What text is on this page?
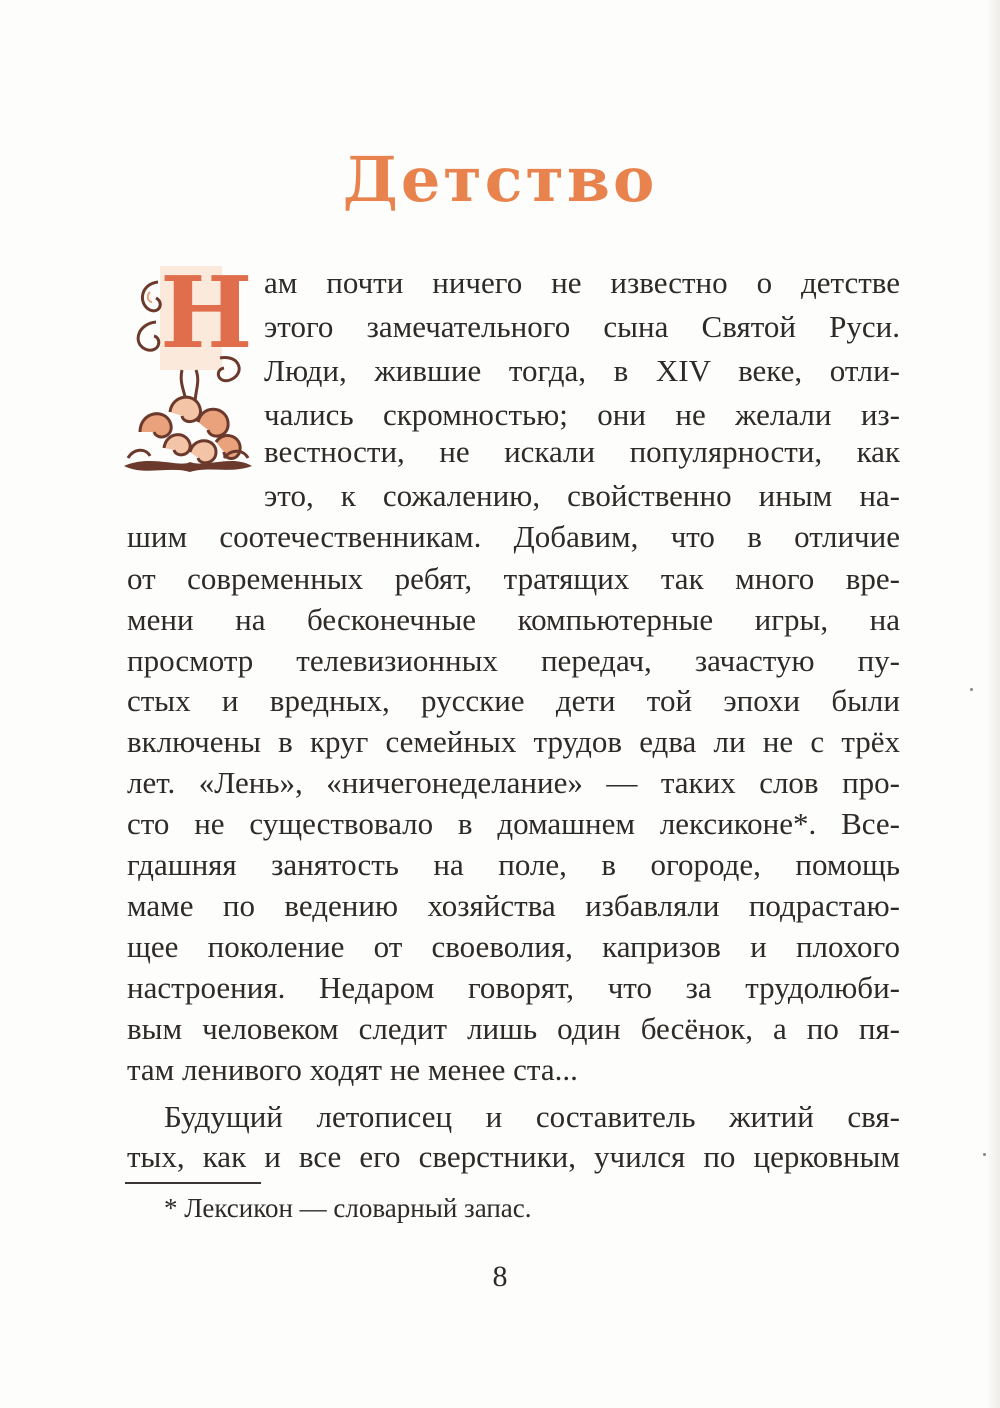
Детство
Н ам почти ничего не известно о детстве
этого замечательного сына Святой Руси.
Люди, жившие тогда, в XIV веке, отли-
чались скромностью; они не желали из-
вестности, не искали популярности, как
это, к сожалению, свойственно иным на-
шим соотечественникам. Добавим, что в отличие
от современных ребят, тратящих так много вре-
мени на бесконечные компьютерные игры, на
просмотр телевизионных передач, зачастую пу-
стых и вредных, русские дети той эпохи были
включены в круг семейных трудов едва ли не с трёх
лет. «Лень», «ничегонеделание» — таких слов про-
сто не существовало в домашнем лексиконе*. Все-
гдашняя занятость на поле, в огороде, помощь
маме по ведению хозяйства избавляли подрастаю-
щее поколение от своеволия, капризов и плохого
настроения. Недаром говорят, что за трудолюби-
вым человеком следит лишь один бесёнок, а по пя-
там ленивого ходят не менее ста...
Будущий летописец и составитель житий свя-
тых, как и все его сверстники, учился по церковным
* Лексикон — словарный запас.
8
